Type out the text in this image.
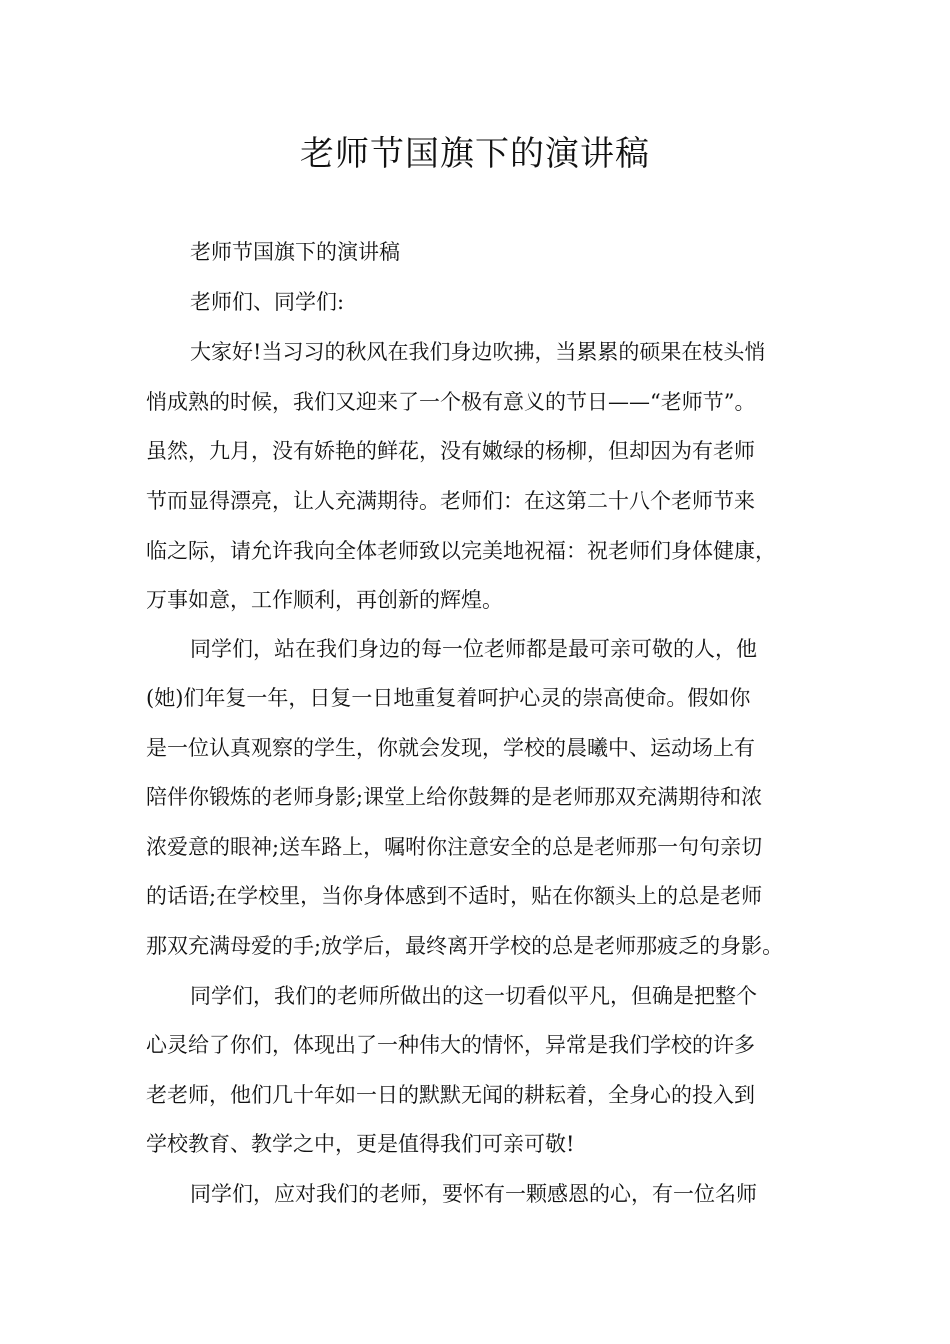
老师节国旗下的演讲稿
老师节国旗下的演讲稿
老师们、同学们:
大家好!当习习的秋风在我们身边吹拂，当累累的硕果在枝头悄
悄成熟的时候，我们又迎来了一个极有意义的节日——“老师节”。
虽然，九月，没有娇艳的鲜花，没有嫩绿的杨柳，但却因为有老师
节而显得漂亮，让人充满期待。老师们：在这第二十八个老师节来
临之际，请允许我向全体老师致以完美地祝福：祝老师们身体健康，
万事如意，工作顺利，再创新的辉煌。
同学们，站在我们身边的每一位老师都是最可亲可敬的人，他
(她)们年复一年，日复一日地重复着呵护心灵的崇高使命。假如你
是一位认真观察的学生，你就会发现，学校的晨曦中、运动场上有
陪伴你锻炼的老师身影;课堂上给你鼓舞的是老师那双充满期待和浓
浓爱意的眼神;送车路上，嘱咐你注意安全的总是老师那一句句亲切
的话语;在学校里，当你身体感到不适时，贴在你额头上的总是老师
那双充满母爱的手;放学后，最终离开学校的总是老师那疲乏的身影。
同学们，我们的老师所做出的这一切看似平凡，但确是把整个
心灵给了你们，体现出了一种伟大的情怀，异常是我们学校的许多
老老师，他们几十年如一日的默默无闻的耕耘着，全身心的投入到
学校教育、教学之中，更是值得我们可亲可敬!
同学们，应对我们的老师，要怀有一颗感恩的心，有一位名师
